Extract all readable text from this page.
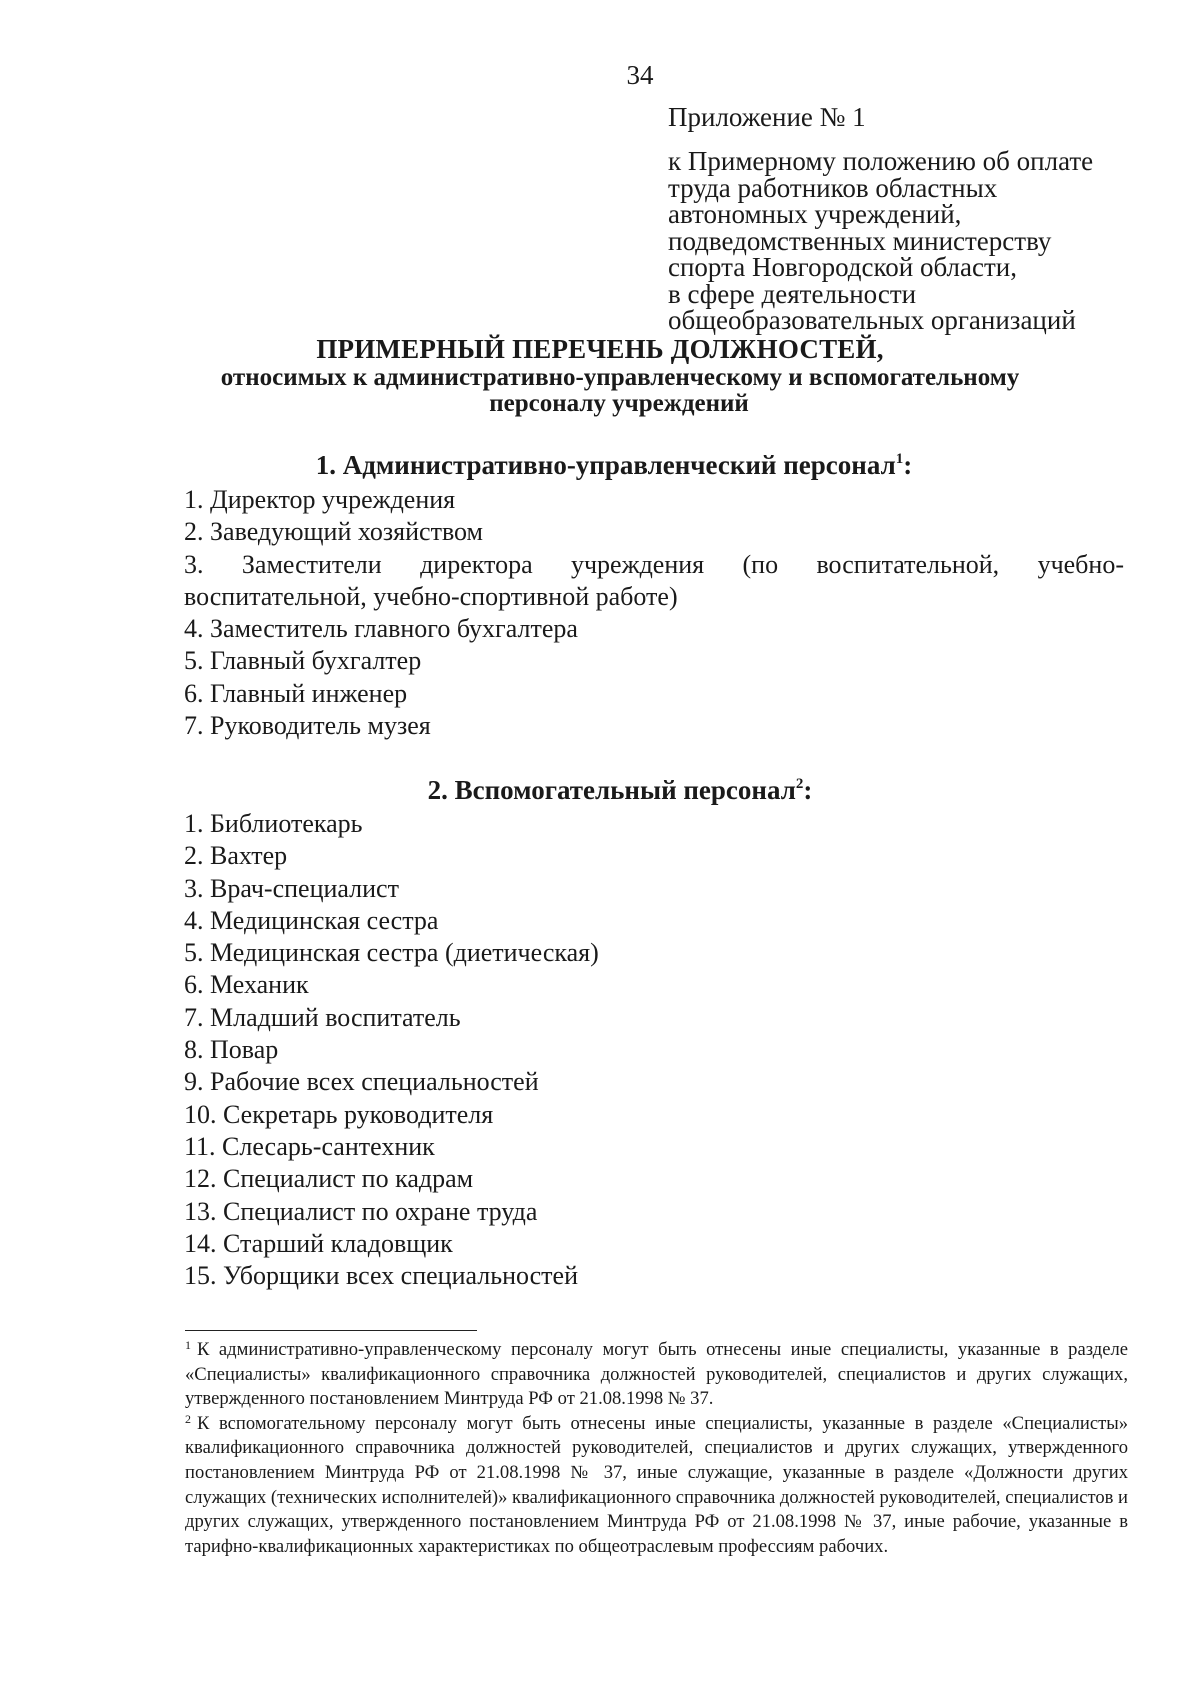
34
Приложение № 1
к Примерному положению об оплате
труда работников областных
автономных учреждений,
подведомственных министерству
спорта Новгородской области,
в сфере деятельности
общеобразовательных организаций
ПРИМЕРНЫЙ ПЕРЕЧЕНЬ ДОЛЖНОСТЕЙ,
относимых к административно-управленческому и вспомогательному
персоналу учреждений
1. Административно-управленческий персонал$^1$:
1. Директор учреждения
2. Заведующий хозяйством
3. Заместители директора учреждения (по воспитательной, учебно-
воспитательной, учебно-спортивной работе)
4. Заместитель главного бухгалтера
5. Главный бухгалтер
6. Главный инженер
7. Руководитель музея
2. Вспомогательный персонал$^2$:
1. Библиотекарь
2. Вахтер
3. Врач-специалист
4. Медицинская сестра
5. Медицинская сестра (диетическая)
6. Механик
7. Младший воспитатель
8. Повар
9. Рабочие всех специальностей
10. Секретарь руководителя
11. Слесарь-сантехник
12. Специалист по кадрам
13. Специалист по охране труда
14. Старший кладовщик
15. Уборщики всех специальностей

1 К административно-управленческому персоналу могут быть отнесены иные специалисты, указанные в разделе «Специалисты» квалификационного справочника должностей руководителей, специалистов и других служащих, утвержденного постановлением Минтруда РФ от 21.08.1998 № 37.

2 К вспомогательному персоналу могут быть отнесены иные специалисты, указанные в разделе «Специалисты» квалификационного справочника должностей руководителей, специалистов и других служащих, утвержденного постановлением Минтруда РФ от 21.08.1998 № 37, иные служащие, указанные в разделе «Должности других служащих (технических исполнителей)» квалификационного справочника должностей руководителей, специалистов и других служащих, утвержденного постановлением Минтруда РФ от 21.08.1998 № 37, иные рабочие, указанные в тарифно-квалификационных характеристиках по общеотраслевым профессиям рабочих.
